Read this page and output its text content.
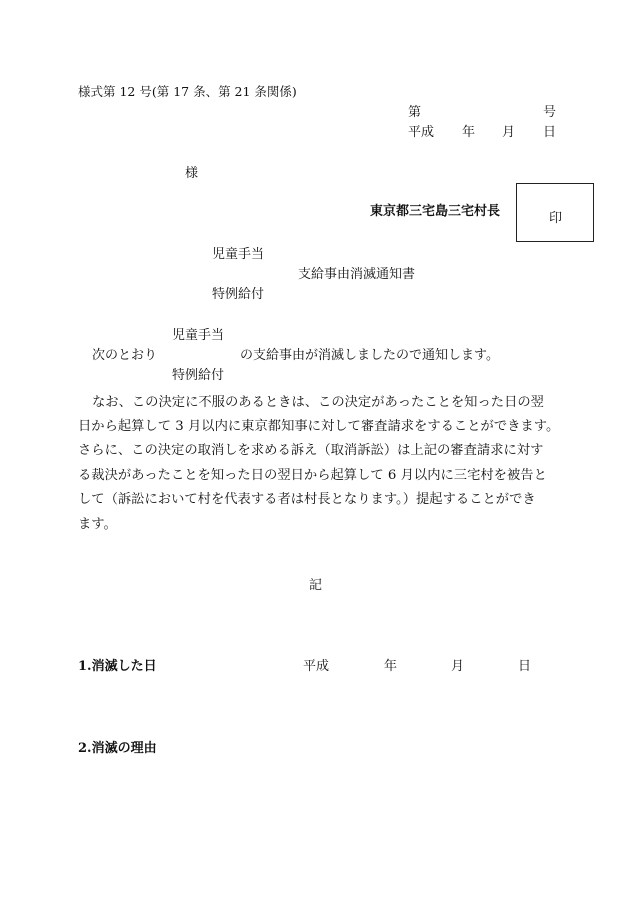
様式第 12 号(第 17 条、第 21 条関係)
第	号
平成 年 月 日
様
東京都三宅島三宅村長	印
児童手当
支給事由消滅通知書
特例給付
児童手当
次のとおり	の支給事由が消滅しましたので通知します。
特例給付
なお、この決定に不服のあるときは、この決定があったことを知った日の翌
日から起算して 3 月以内に東京都知事に対して審査請求をすることができます。
さらに、この決定の取消しを求める訴え（取消訴訟）は上記の審査請求に対す
る裁決があったことを知った日の翌日から起算して 6 月以内に三宅村を被告と
して（訴訟において村を代表する者は村長となります。）提起することができ
ます。
記
1.消滅した日	平成	年	月	日
2.消滅の理由
